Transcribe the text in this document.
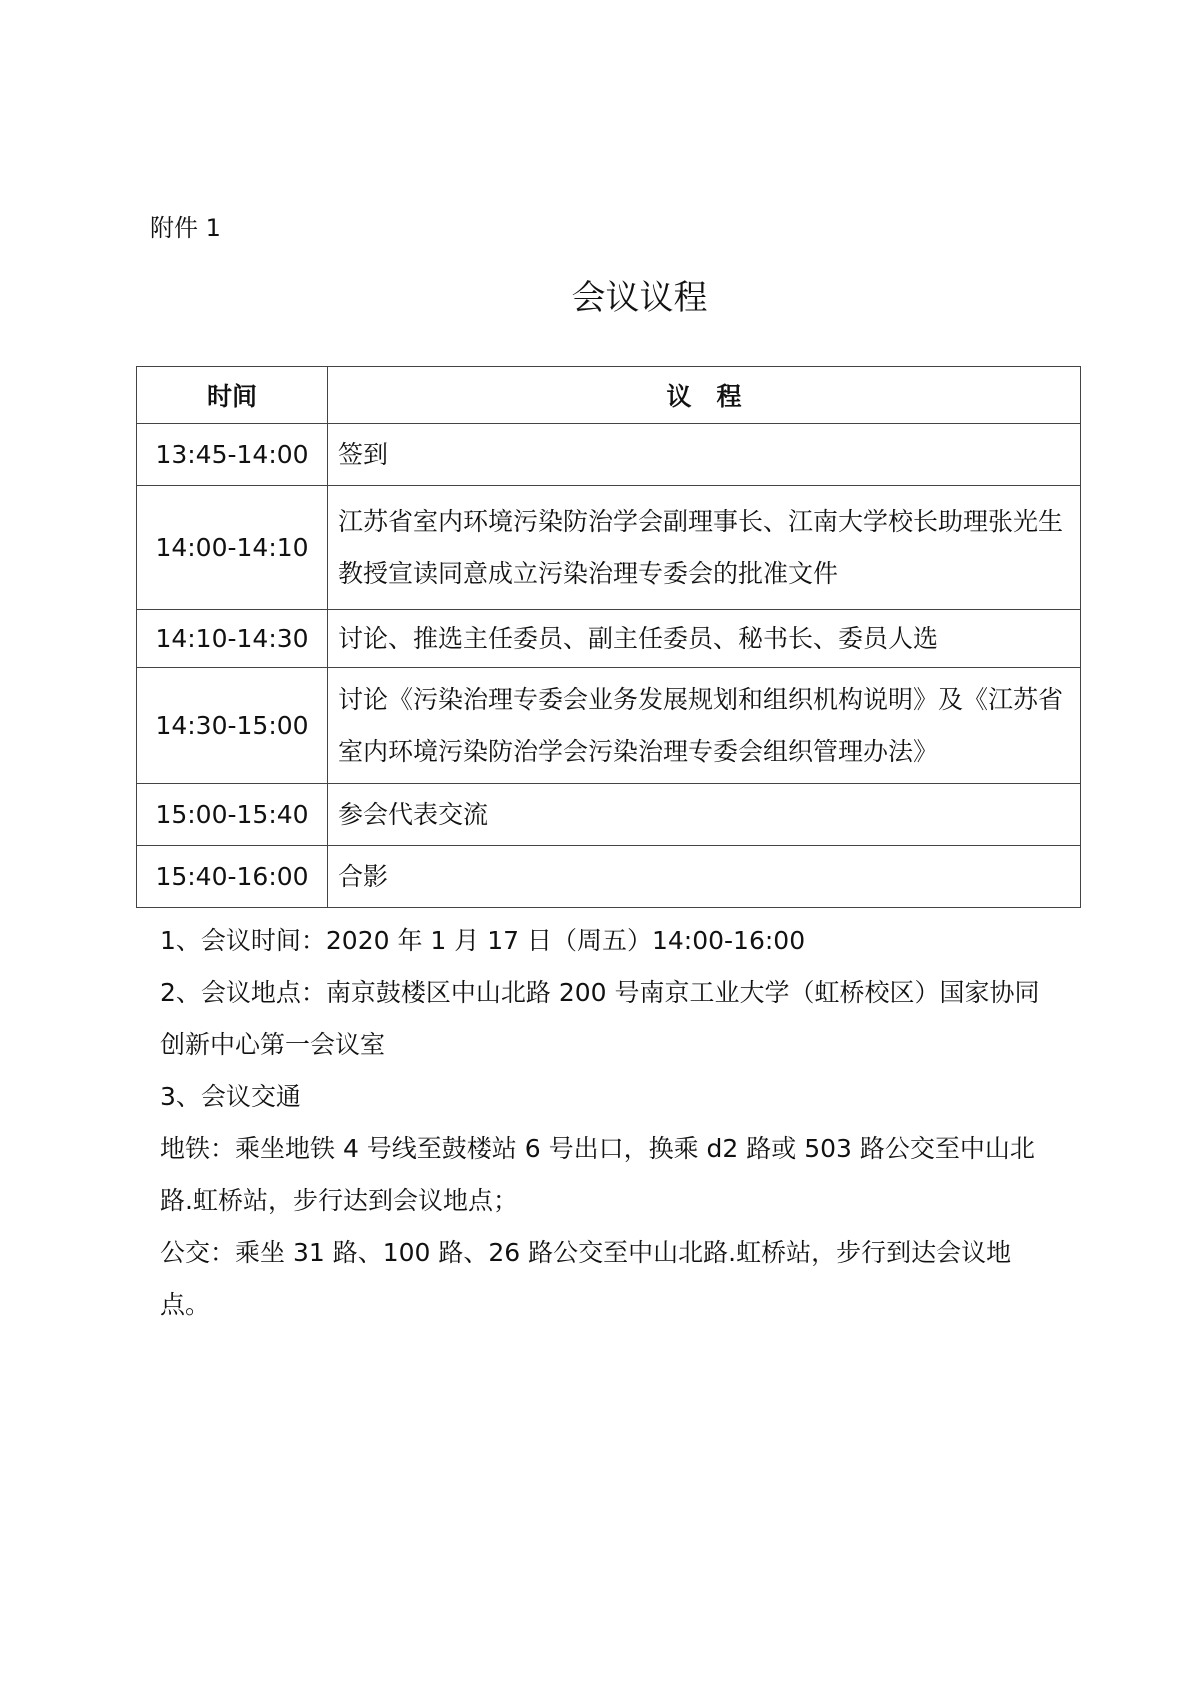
附件 1
会议议程
时间	议　程
13:45-14:00	签到
14:00-14:10	江苏省室内环境污染防治学会副理事长、江南大学校长助理张光生教授宣读同意成立污染治理专委会的批准文件
14:10-14:30	讨论、推选主任委员、副主任委员、秘书长、委员人选
14:30-15:00	讨论《污染治理专委会业务发展规划和组织机构说明》及《江苏省室内环境污染防治学会污染治理专委会组织管理办法》
15:00-15:40	参会代表交流
15:40-16:00	合影

1、会议时间：2020 年 1 月 17 日（周五）14:00-16:00

2、会议地点：南京鼓楼区中山北路 200 号南京工业大学（虹桥校区）国家协同创新中心第一会议室

3、会议交通

地铁：乘坐地铁 4 号线至鼓楼站 6 号出口，换乘 d2 路或 503 路公交至中山北路.虹桥站，步行达到会议地点；

公交：乘坐 31 路、100 路、26 路公交至中山北路.虹桥站，步行到达会议地点。
